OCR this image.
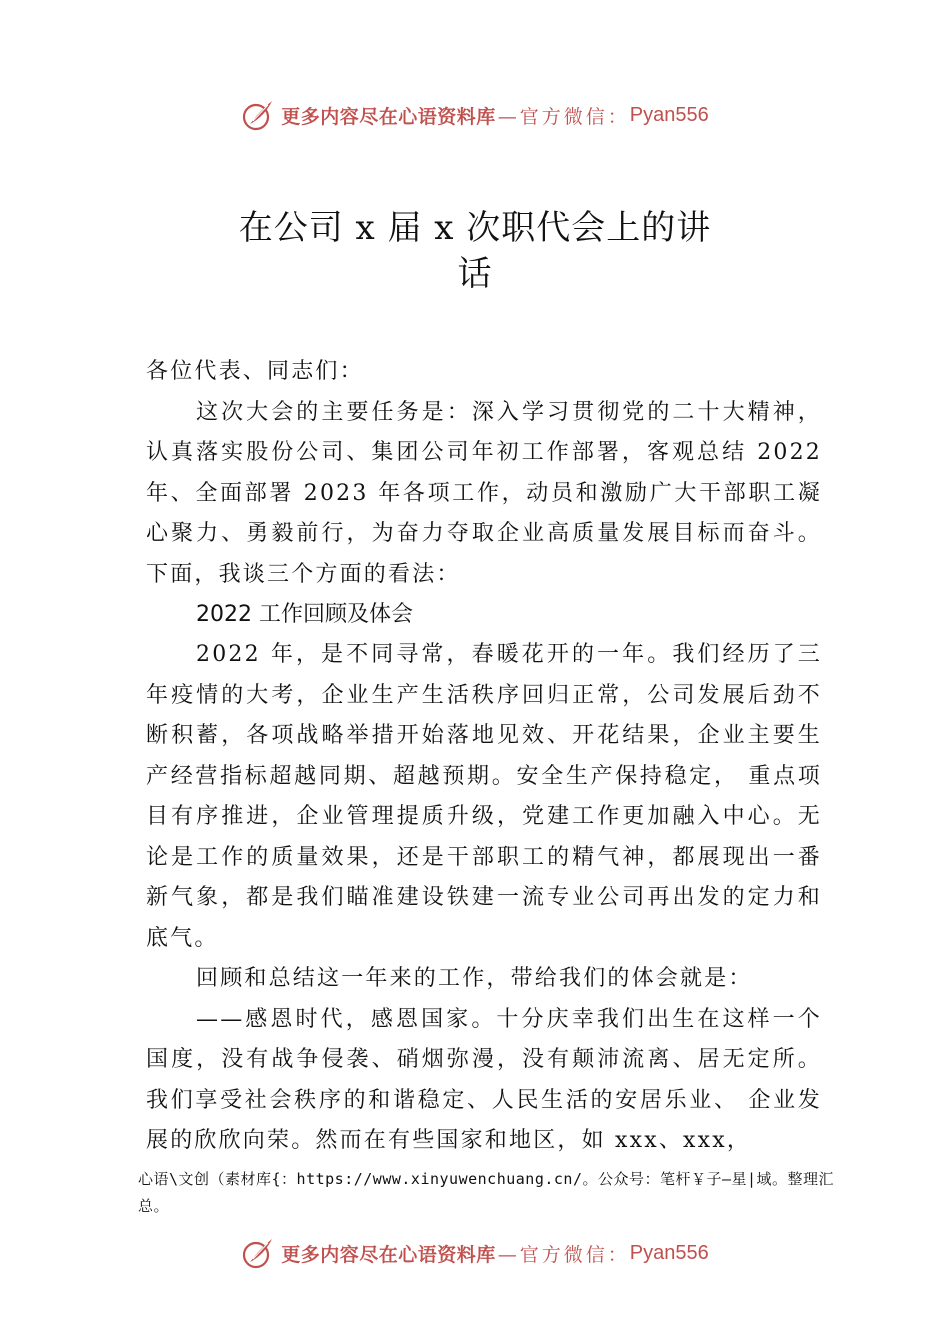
更多内容尽在心语资料库 —官方微信： Pyan556
在公司 x 届 x 次职代会上的讲
话

各位代表、同志们：

这次大会的主要任务是：深入学习贯彻党的二十大精神，认真落实股份公司、集团公司年初工作部署，客观总结 2022 年、全面部署 2023 年各项工作，动员和激励广大干部职工凝心聚力、勇毅前行，为奋力夺取企业高质量发展目标而奋斗。下面，我谈三个方面的看法：

2022 工作回顾及体会

2022 年，是不同寻常，春暖花开的一年。我们经历了三年疫情的大考，企业生产生活秩序回归正常，公司发展后劲不断积蓄，各项战略举措开始落地见效、开花结果，企业主要生产经营指标超越同期、超越预期。安全生产保持稳定， 重点项目有序推进，企业管理提质升级，党建工作更加融入中心。无论是工作的质量效果，还是干部职工的精气神，都展现出一番新气象，都是我们瞄准建设铁建一流专业公司再出发的定力和底气。

回顾和总结这一年来的工作，带给我们的体会就是：

——感恩时代，感恩国家。十分庆幸我们出生在这样一个国度，没有战争侵袭、硝烟弥漫，没有颠沛流离、居无定所。我们享受社会秩序的和谐稳定、人民生活的安居乐业、 企业发展的欣欣向荣。然而在有些国家和地区，如 xxx、xxx，

心语\文创（素材库{：https://www.xinyuwenchuang.cn/。公众号：笔杆￥子—星|域。整理汇总。
更多内容尽在心语资料库 —官方微信： Pyan556
